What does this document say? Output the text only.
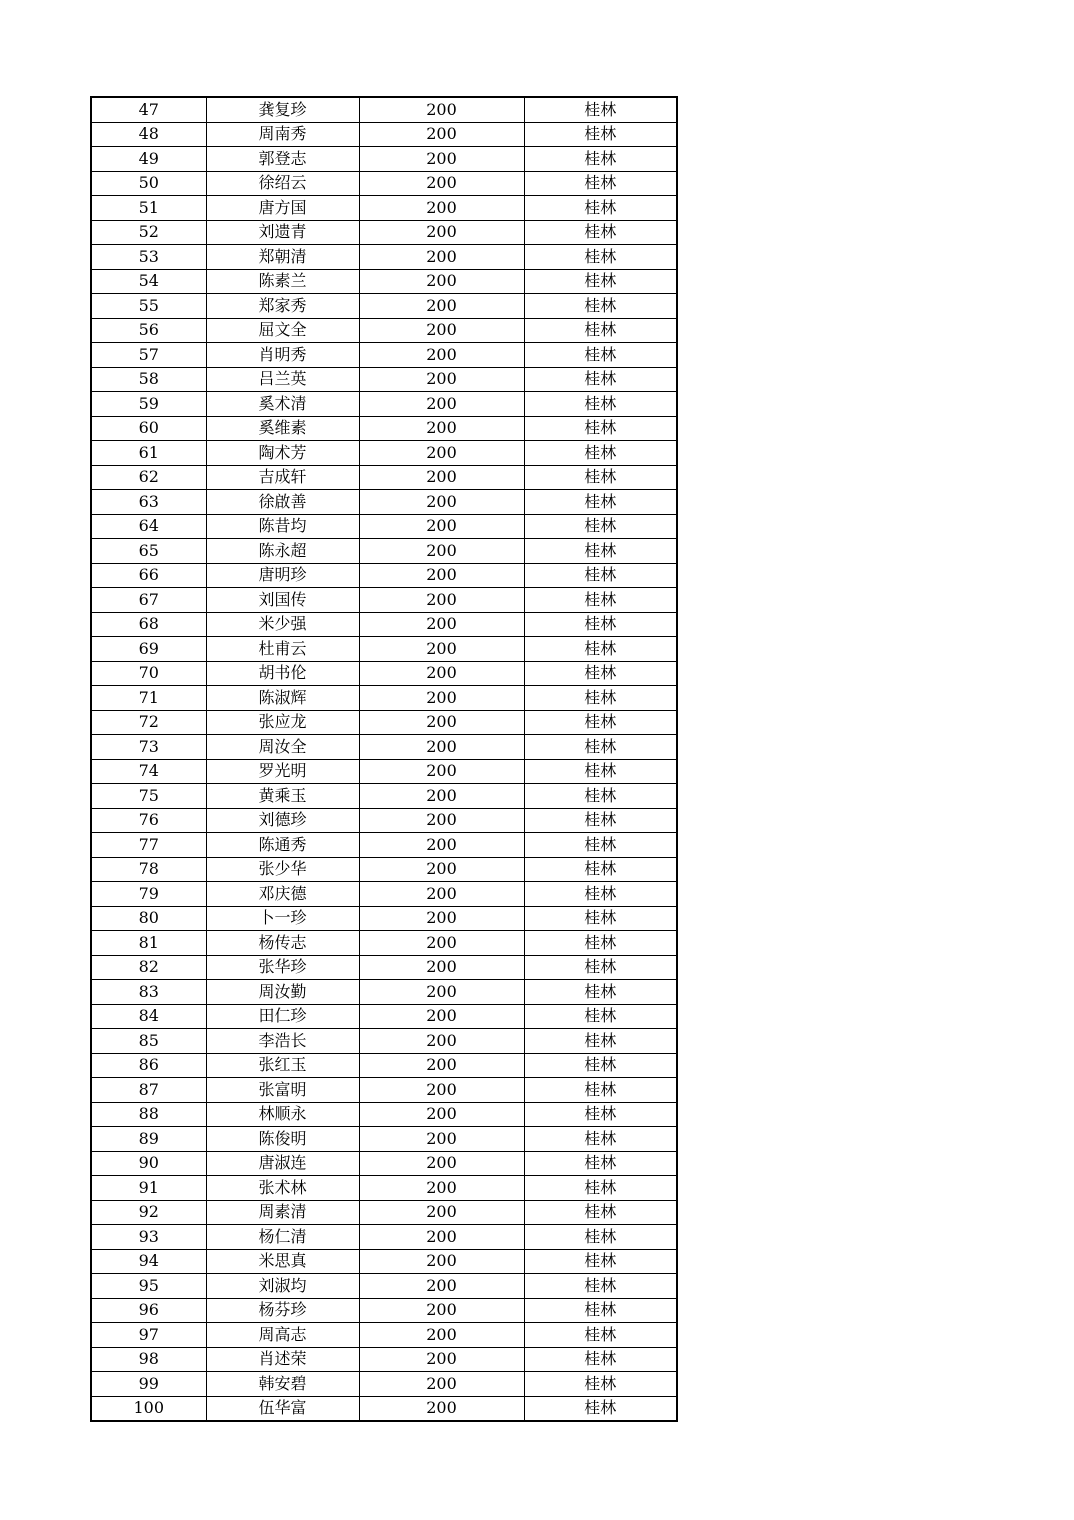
47	龚复珍	200	桂林
48	周南秀	200	桂林
49	郭登志	200	桂林
50	徐绍云	200	桂林
51	唐方国	200	桂林
52	刘遗青	200	桂林
53	郑朝清	200	桂林
54	陈素兰	200	桂林
55	郑家秀	200	桂林
56	屈文全	200	桂林
57	肖明秀	200	桂林
58	吕兰英	200	桂林
59	奚术清	200	桂林
60	奚维素	200	桂林
61	陶术芳	200	桂林
62	吉成轩	200	桂林
63	徐啟善	200	桂林
64	陈昔均	200	桂林
65	陈永超	200	桂林
66	唐明珍	200	桂林
67	刘国传	200	桂林
68	米少强	200	桂林
69	杜甫云	200	桂林
70	胡书伦	200	桂林
71	陈淑辉	200	桂林
72	张应龙	200	桂林
73	周汝全	200	桂林
74	罗光明	200	桂林
75	黄乘玉	200	桂林
76	刘德珍	200	桂林
77	陈通秀	200	桂林
78	张少华	200	桂林
79	邓庆德	200	桂林
80	卜一珍	200	桂林
81	杨传志	200	桂林
82	张华珍	200	桂林
83	周汝勤	200	桂林
84	田仁珍	200	桂林
85	李浩长	200	桂林
86	张红玉	200	桂林
87	张富明	200	桂林
88	林顺永	200	桂林
89	陈俊明	200	桂林
90	唐淑连	200	桂林
91	张术林	200	桂林
92	周素清	200	桂林
93	杨仁清	200	桂林
94	米思真	200	桂林
95	刘淑均	200	桂林
96	杨芬珍	200	桂林
97	周高志	200	桂林
98	肖述荣	200	桂林
99	韩安碧	200	桂林
100	伍华富	200	桂林
